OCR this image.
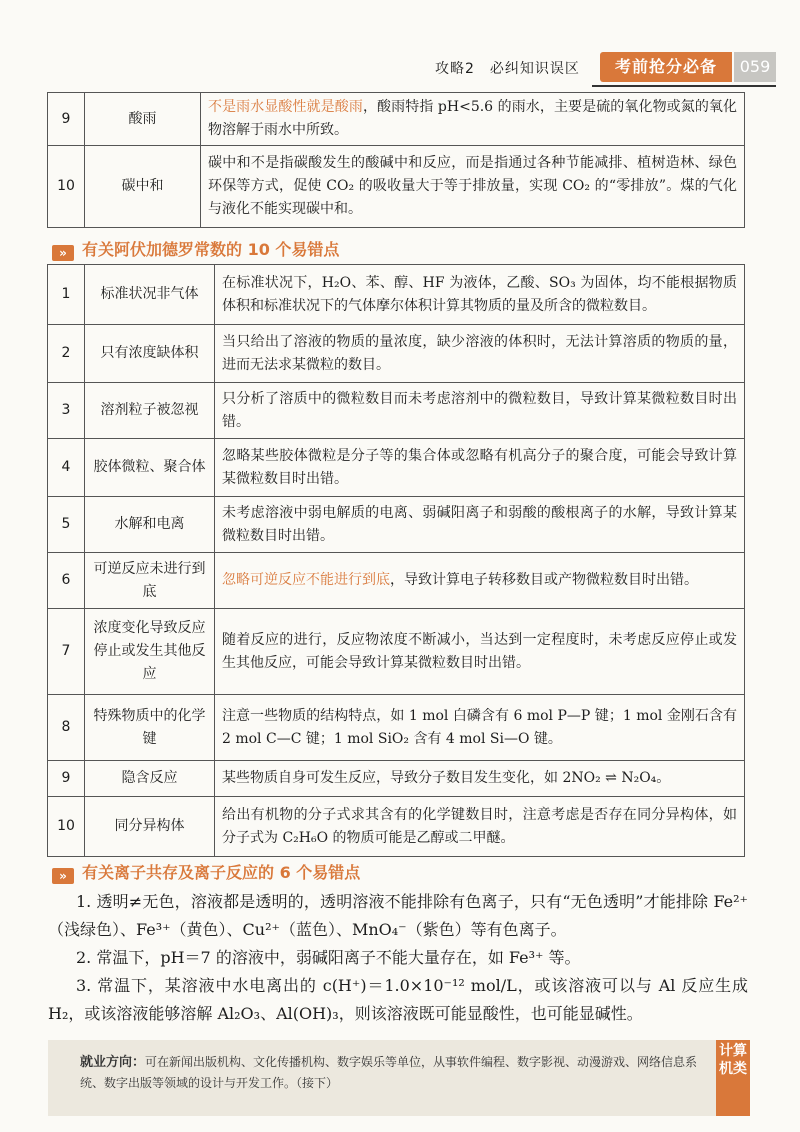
攻略2　 必纠知识误区	考前抢分必备	059
9	酸雨	不是雨水显酸性就是酸雨，酸雨特指 pH<5.6 的雨水，主要是硫的氧化物或氮的氧化物溶解于雨水中所致。
10	碳中和	碳中和不是指碳酸发生的酸碱中和反应，而是指通过各种节能减排、植树造林、绿色环保等方式，促使 CO₂ 的吸收量大于等于排放量，实现 CO₂ 的“零排放”。煤的气化与液化不能实现碳中和。
» 有关阿伏加德罗常数的 10 个易错点
1	标准状况非气体	在标准状况下，H₂O、苯、醇、HF 为液体，乙酸、SO₃ 为固体，均不能根据物质体积和标准状况下的气体摩尔体积计算其物质的量及所含的微粒数目。
2	只有浓度缺体积	当只给出了溶液的物质的量浓度，缺少溶液的体积时，无法计算溶质的物质的量，进而无法求某微粒的数目。
3	溶剂粒子被忽视	只分析了溶质中的微粒数目而未考虑溶剂中的微粒数目，导致计算某微粒数目时出错。
4	胶体微粒、聚合体	忽略某些胶体微粒是分子等的集合体或忽略有机高分子的聚合度，可能会导致计算某微粒数目时出错。
5	水解和电离	未考虑溶液中弱电解质的电离、弱碱阳离子和弱酸的酸根离子的水解，导致计算某微粒数目时出错。
6	可逆反应未进行到底	忽略可逆反应不能进行到底，导致计算电子转移数目或产物微粒数目时出错。
7	浓度变化导致反应停止或发生其他反应	随着反应的进行，反应物浓度不断减小，当达到一定程度时，未考虑反应停止或发生其他反应，可能会导致计算某微粒数目时出错。
8	特殊物质中的化学键	注意一些物质的结构特点，如 1 mol 白磷含有 6 mol P—P 键；1 mol 金刚石含有 2 mol C—C 键；1 mol SiO₂ 含有 4 mol Si—O 键。
9	隐含反应	某些物质自身可发生反应，导致分子数目发生变化，如 2NO₂ ⇌ N₂O₄。
10	同分异构体	给出有机物的分子式求其含有的化学键数目时，注意考虑是否存在同分异构体，如分子式为 C₂H₆O 的物质可能是乙醇或二甲醚。
» 有关离子共存及离子反应的 6 个易错点
1. 透明≠无色，溶液都是透明的，透明溶液不能排除有色离子，只有“无色透明”才能排除 Fe²⁺（浅绿色）、Fe³⁺（黄色）、Cu²⁺（蓝色）、MnO₄⁻（紫色）等有色离子。
2. 常温下，pH＝7 的溶液中，弱碱阳离子不能大量存在，如 Fe³⁺ 等。
3. 常温下，某溶液中水电离出的 c(H⁺)＝1.0×10⁻¹² mol/L，或该溶液可以与 Al 反应生成 H₂，或该溶液能够溶解 Al₂O₃、Al(OH)₃，则该溶液既可能显酸性，也可能显碱性。
就业方向：可在新闻出版机构、文化传播机构、数字娱乐等单位，从事软件编程、数字影视、动漫游戏、网络信息系统、数字出版等领域的设计与开发工作。（接下）
计算机类
